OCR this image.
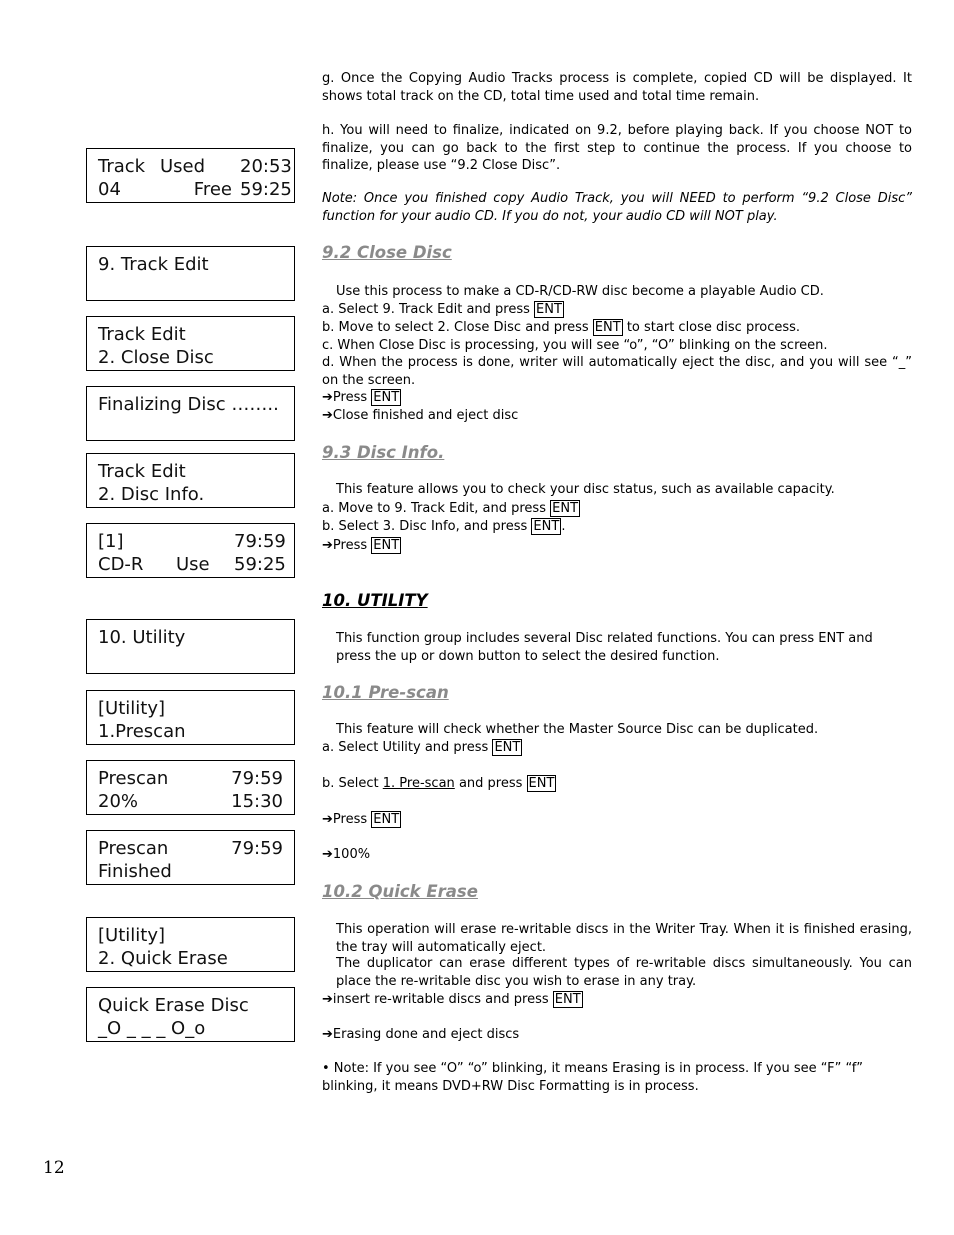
Track Used	20:53
04	Free 59:25
9. Track Edit
Track Edit
2. Close Disc
Finalizing Disc ……..
Track Edit
2. Disc Info.
[1]	79:59
CD-R	Use	59:25
10. Utility
[Utility]
1.Prescan
Prescan	79:59
20%	15:30
Prescan	79:59
Finished
[Utility]
2. Quick Erase
Quick Erase Disc
_O _ _ _ O_o
g. Once the Copying Audio Tracks process is complete, copied CD will be displayed. It shows total track on the CD, total time used and total time remain.
h. You will need to finalize, indicated on 9.2, before playing back. If you choose NOT to finalize, you can go back to the first step to continue the process. If you choose to finalize, please use “9.2 Close Disc”.
Note: Once you finished copy Audio Track, you will NEED to perform “9.2 Close Disc” function for your audio CD. If you do not, your audio CD will NOT play.
9.2 Close Disc
Use this process to make a CD-R/CD-RW disc become a playable Audio CD.
a. Select 9. Track Edit and press ENT
b. Move to select 2. Close Disc and press ENT to start close disc process.
c. When Close Disc is processing, you will see “o”, “O” blinking on the screen.
d. When the process is done, writer will automatically eject the disc, and you will see “_” on the screen.
➔Press ENT
➔Close finished and eject disc
9.3 Disc Info.
This feature allows you to check your disc status, such as available capacity.
a. Move to 9. Track Edit, and press ENT
b. Select 3. Disc Info, and press ENT .
➔Press ENT
10. UTILITY
This function group includes several Disc related functions. You can press ENT and press the up or down button to select the desired function.
10.1 Pre-scan
This feature will check whether the Master Source Disc can be duplicated.
a. Select Utility and press ENT
b. Select 1. Pre-scan and press ENT
➔Press ENT
➔100%
10.2 Quick Erase
This operation will erase re-writable discs in the Writer Tray. When it is finished erasing, the tray will automatically eject.
The duplicator can erase different types of re-writable discs simultaneously. You can place the re-writable disc you wish to erase in any tray.
➔insert re-writable discs and press ENT
➔Erasing done and eject discs
• Note: If you see “O” “o” blinking, it means Erasing is in process. If you see “F” “f” blinking, it means DVD+RW Disc Formatting is in process.
12
